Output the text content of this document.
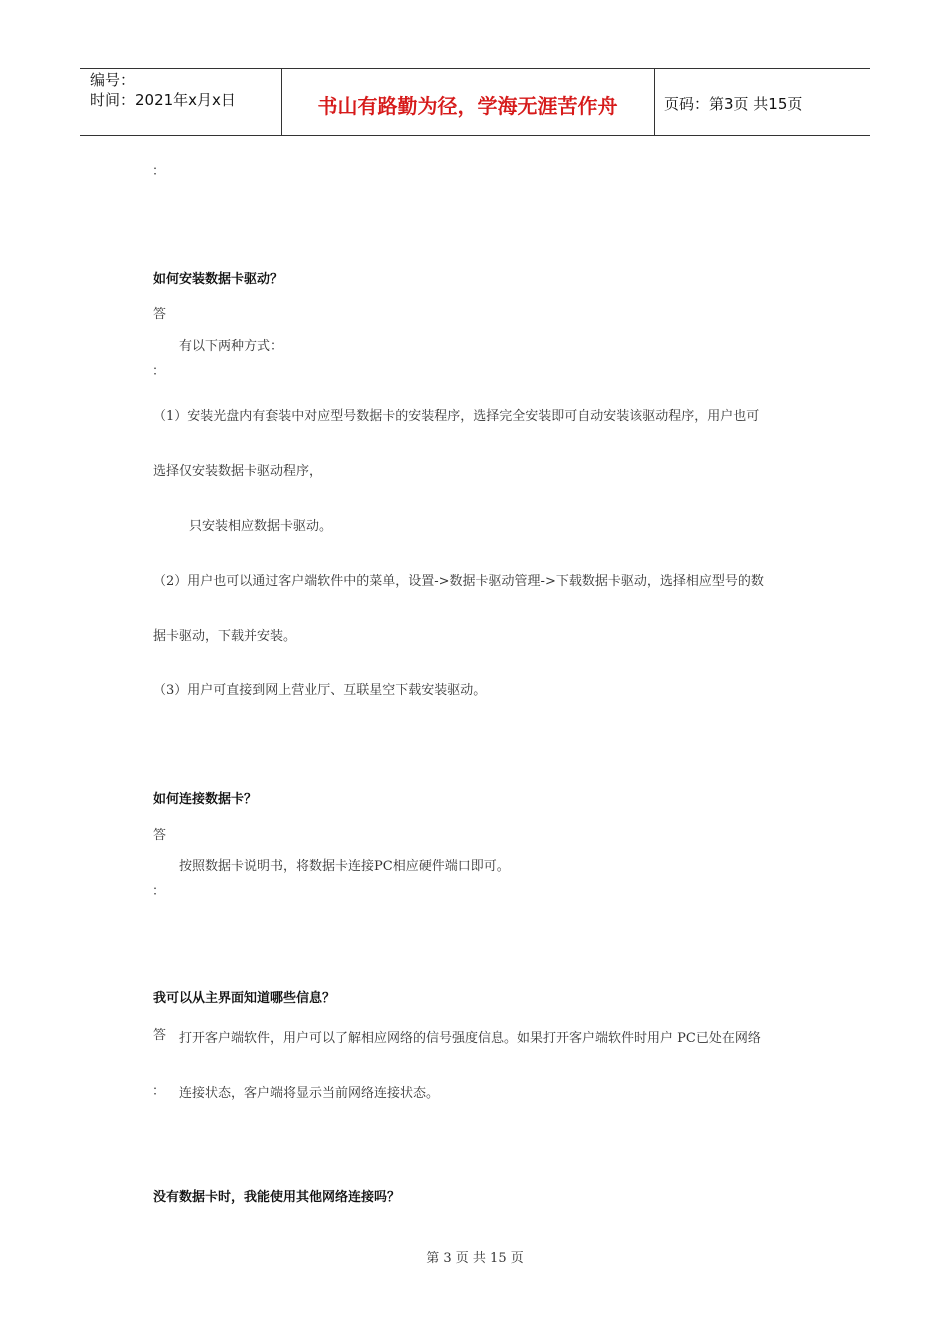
编号：
时间：2021年x月x日	书山有路勤为径，学海无涯苦作舟	页码：第3页 共15页
：
如何安装数据卡驱动？
答
有以下两种方式：
：
（1）安装光盘内有套装中对应型号数据卡的安装程序，选择完全安装即可自动安装该驱动程序，用户也可
选择仅安装数据卡驱动程序，
只安装相应数据卡驱动。
（2）用户也可以通过客户端软件中的菜单，设置->数据卡驱动管理->下载数据卡驱动，选择相应型号的数
据卡驱动，下载并安装。
（3）用户可直接到网上营业厅、互联星空下载安装驱动。
如何连接数据卡？
答
按照数据卡说明书，将数据卡连接PC相应硬件端口即可。
：
我可以从主界面知道哪些信息？
答 打开客户端软件，用户可以了解相应网络的信号强度信息。如果打开客户端软件时用户 PC已处在网络
： 连接状态，客户端将显示当前网络连接状态。
没有数据卡时，我能使用其他网络连接吗？
第 3 页 共 15 页
